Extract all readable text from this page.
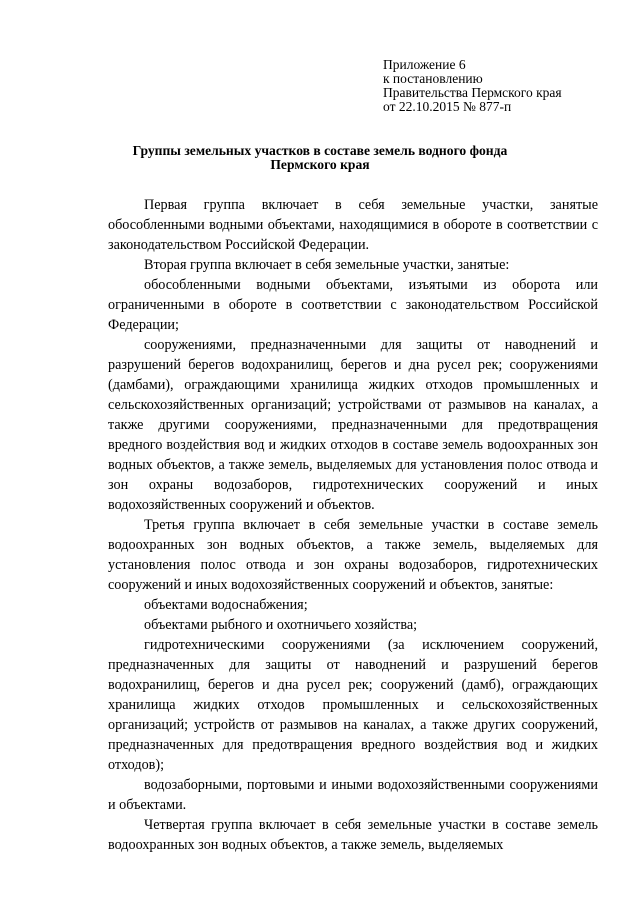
Приложение 6
к постановлению
Правительства Пермского края
от 22.10.2015 № 877-п
Группы земельных участков в составе земель водного фонда
Пермского края

Первая группа включает в себя земельные участки, занятые обособленными водными объектами, находящимися в обороте в соответствии с законодательством Российской Федерации.

Вторая группа включает в себя земельные участки, занятые:

обособленными водными объектами, изъятыми из оборота или ограниченными в обороте в соответствии с законодательством Российской Федерации;

сооружениями, предназначенными для защиты от наводнений и разрушений берегов водохранилищ, берегов и дна русел рек; сооружениями (дамбами), ограждающими хранилища жидких отходов промышленных и сельскохозяйственных организаций; устройствами от размывов на каналах, а также другими сооружениями, предназначенными для предотвращения вредного воздействия вод и жидких отходов в составе земель водоохранных зон водных объектов, а также земель, выделяемых для установления полос отвода и зон охраны водозаборов, гидротехнических сооружений и иных водохозяйственных сооружений и объектов.

Третья группа включает в себя земельные участки в составе земель водоохранных зон водных объектов, а также земель, выделяемых для установления полос отвода и зон охраны водозаборов, гидротехнических сооружений и иных водохозяйственных сооружений и объектов, занятые:

объектами водоснабжения;

объектами рыбного и охотничьего хозяйства;

гидротехническими сооружениями (за исключением сооружений, предназначенных для защиты от наводнений и разрушений берегов водохранилищ, берегов и дна русел рек; сооружений (дамб), ограждающих хранилища жидких отходов промышленных и сельскохозяйственных организаций; устройств от размывов на каналах, а также других сооружений, предназначенных для предотвращения вредного воздействия вод и жидких отходов);

водозаборными, портовыми и иными водохозяйственными сооружениями и объектами.

Четвертая группа включает в себя земельные участки в составе земель водоохранных зон водных объектов, а также земель, выделяемых
